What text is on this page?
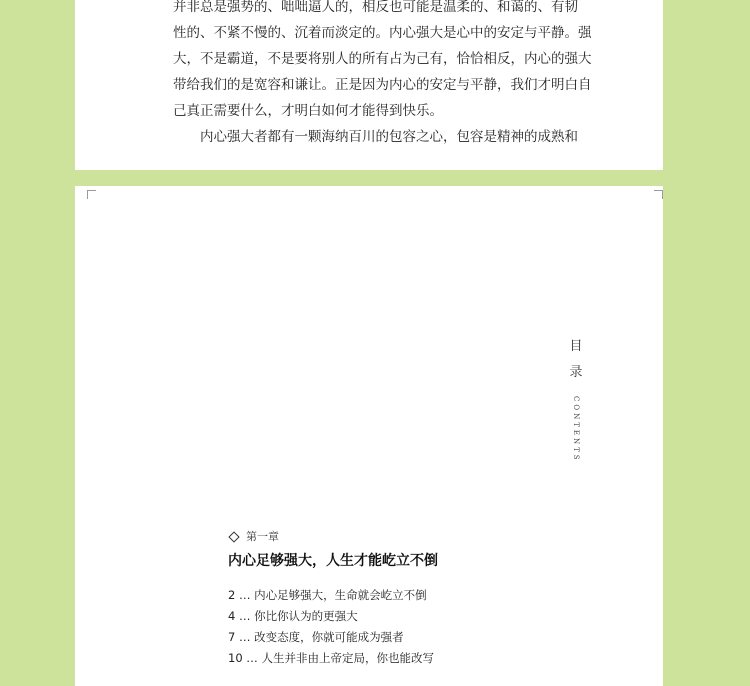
并非总是强势的、咄咄逼人的，相反也可能是温柔的、和蔼的、有韧
性的、不紧不慢的、沉着而淡定的。内心强大是心中的安定与平静。强
大，不是霸道，不是要将别人的所有占为己有，恰恰相反，内心的强大
带给我们的是宽容和谦让。正是因为内心的安定与平静，我们才明白自
己真正需要什么，才明白如何才能得到快乐。
　　内心强大者都有一颗海纳百川的包容之心，包容是精神的成熟和
目
录
CONTENTS
第一章
内心足够强大，人生才能屹立不倒
2 … 内心足够强大，生命就会屹立不倒
4 … 你比你认为的更强大
7 … 改变态度，你就可能成为强者
10 … 人生并非由上帝定局，你也能改写
